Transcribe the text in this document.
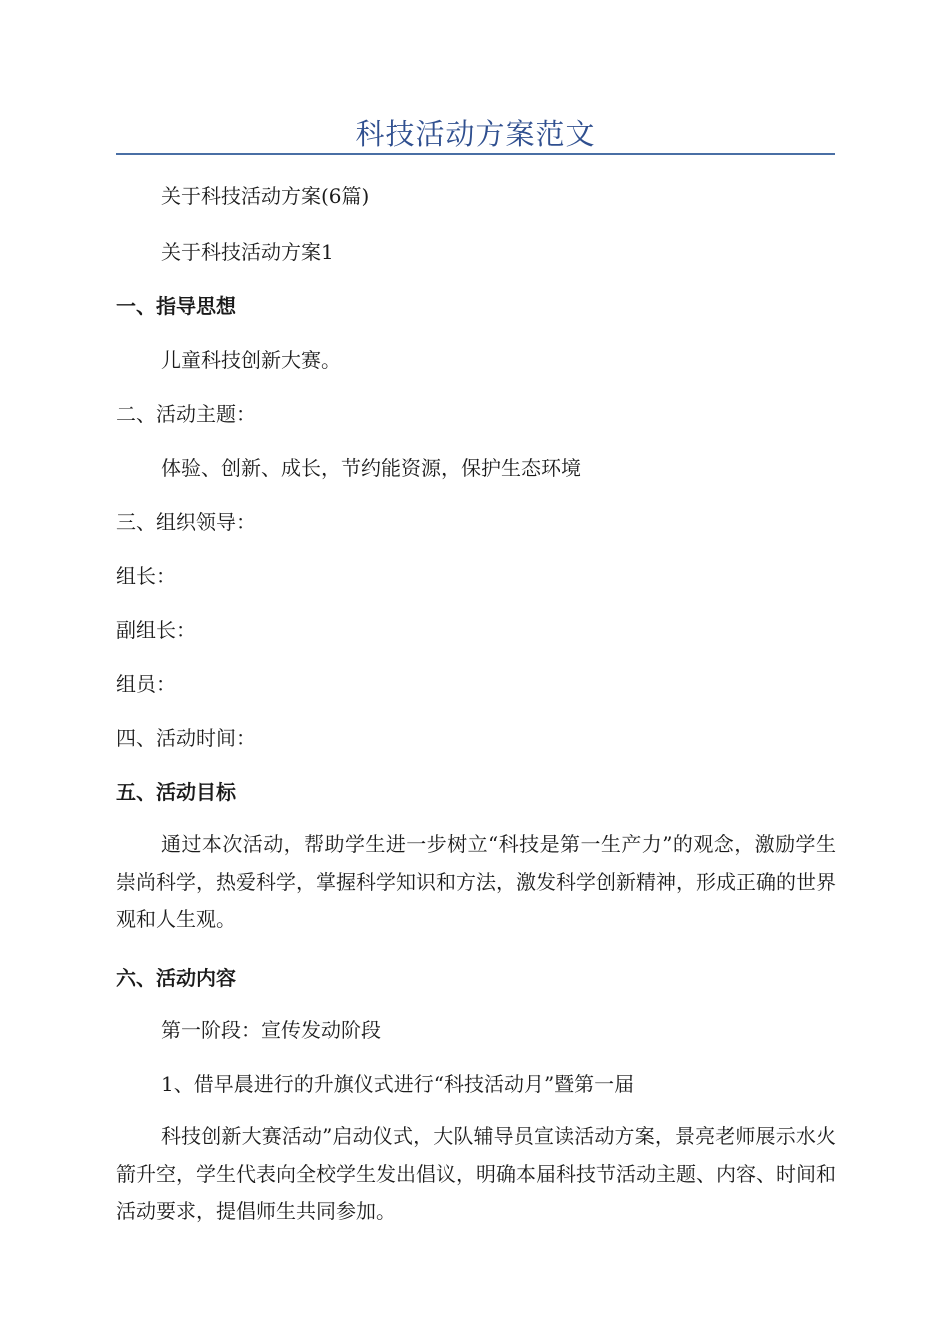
科技活动方案范文
关于科技活动方案(6篇)
关于科技活动方案1
一、指导思想
儿童科技创新大赛。
二、活动主题：
体验、创新、成长，节约能资源，保护生态环境
三、组织领导：
组长：
副组长：
组员：
四、活动时间：
五、活动目标
通过本次活动，帮助学生进一步树立“科技是第一生产力”的观念，激励学生崇尚科学，热爱科学，掌握科学知识和方法，激发科学创新精神，形成正确的世界观和人生观。
六、活动内容
第一阶段：宣传发动阶段
1、借早晨进行的升旗仪式进行“科技活动月”暨第一届
科技创新大赛活动”启动仪式，大队辅导员宣读活动方案，景亮老师展示水火箭升空，学生代表向全校学生发出倡议，明确本届科技节活动主题、内容、时间和活动要求，提倡师生共同参加。
